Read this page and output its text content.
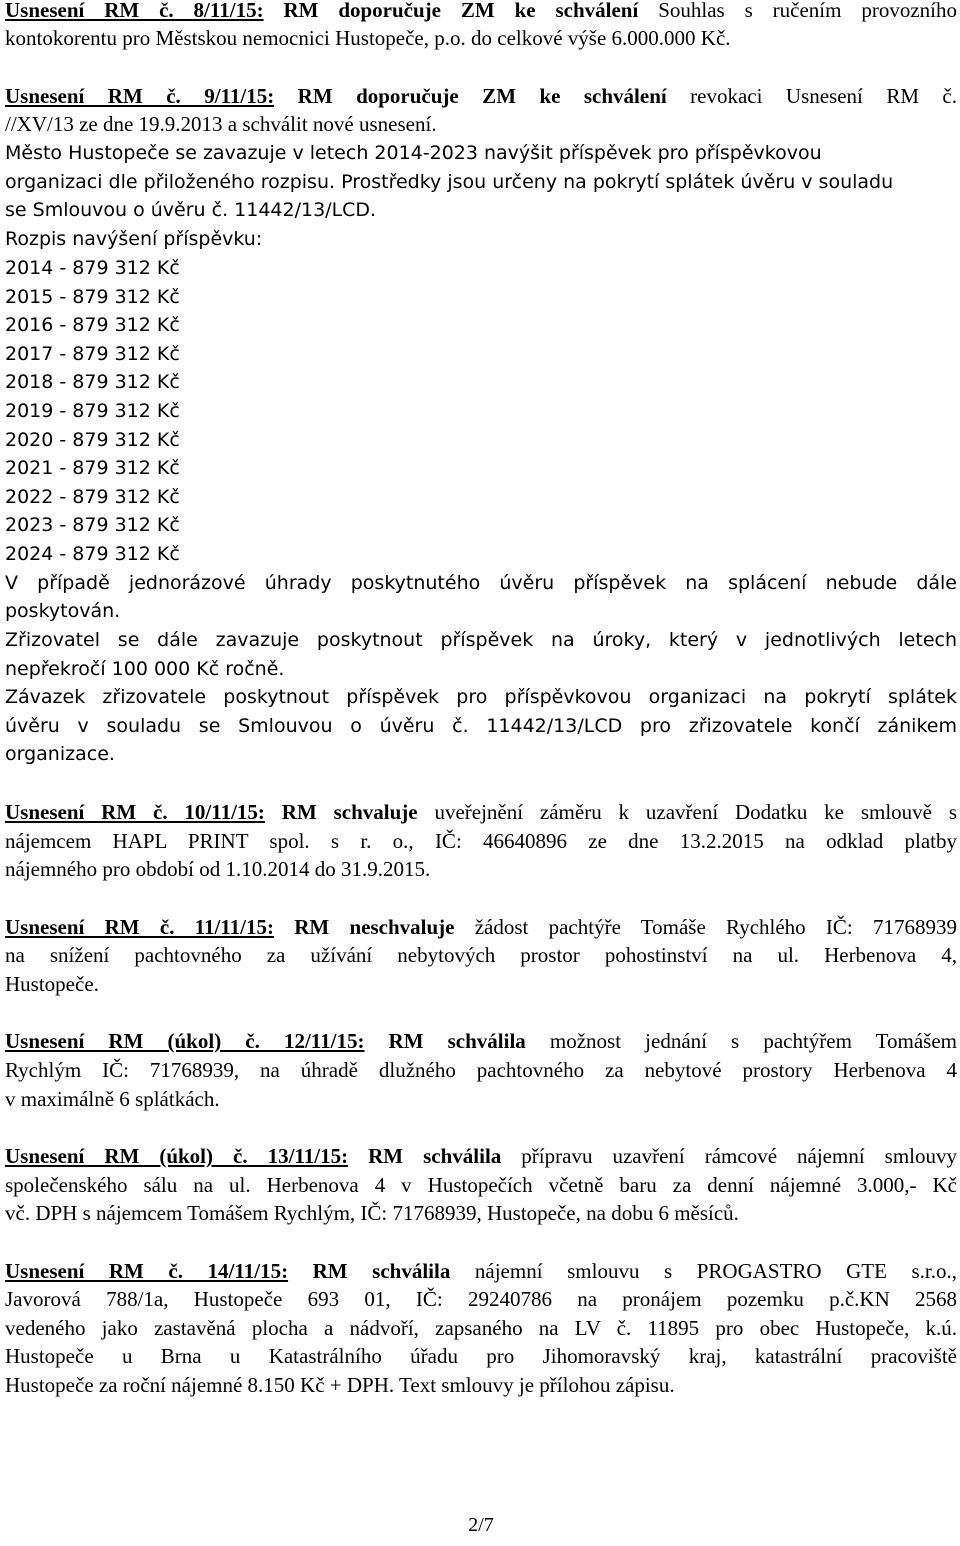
Usnesení RM č. 8/11/15: RM doporučuje ZM ke schválení Souhlas s ručením provozního
kontokorentu pro Městskou nemocnici Hustopeče, p.o. do celkové výše 6.000.000 Kč.
Usnesení RM č. 9/11/15: RM doporučuje ZM ke schválení revokaci Usnesení RM č.
//XV/13 ze dne 19.9.2013 a schválit nové usnesení.
Město Hustopeče se zavazuje v letech 2014-2023 navýšit příspěvek pro příspěvkovou
organizaci dle přiloženého rozpisu. Prostředky jsou určeny na pokrytí splátek úvěru v souladu
se Smlouvou o úvěru č. 11442/13/LCD.
Rozpis navýšení příspěvku:
2014 - 879 312 Kč
2015 - 879 312 Kč
2016 - 879 312 Kč
2017 - 879 312 Kč
2018 - 879 312 Kč
2019 - 879 312 Kč
2020 - 879 312 Kč
2021 - 879 312 Kč
2022 - 879 312 Kč
2023 - 879 312 Kč
2024 - 879 312 Kč
V případě jednorázové úhrady poskytnutého úvěru příspěvek na splácení nebude dále
poskytován.
Zřizovatel se dále zavazuje poskytnout příspěvek na úroky, který v jednotlivých letech
nepřekročí 100 000 Kč ročně.
Závazek zřizovatele poskytnout příspěvek pro příspěvkovou organizaci na pokrytí splátek
úvěru v souladu se Smlouvou o úvěru č. 11442/13/LCD pro zřizovatele končí zánikem
organizace.
Usnesení RM č. 10/11/15: RM schvaluje uveřejnění záměru k uzavření Dodatku ke smlouvě s
nájemcem HAPL PRINT spol. s r. o., IČ: 46640896 ze dne 13.2.2015 na odklad platby
nájemného pro období od 1.10.2014 do 31.9.2015.
Usnesení RM č. 11/11/15: RM neschvaluje žádost pachtýře Tomáše Rychlého IČ: 71768939
na snížení pachtovného za užívání nebytových prostor pohostinství na ul. Herbenova 4,
Hustopeče.
Usnesení RM (úkol) č. 12/11/15: RM schválila možnost jednání s pachtýřem Tomášem
Rychlým IČ: 71768939, na úhradě dlužného pachtovného za nebytové prostory Herbenova 4
v maximálně 6 splátkách.
Usnesení RM (úkol) č. 13/11/15: RM schválila přípravu uzavření rámcové nájemní smlouvy
společenského sálu na ul. Herbenova 4 v Hustopečích včetně baru za denní nájemné 3.000,- Kč
vč. DPH s nájemcem Tomášem Rychlým, IČ: 71768939, Hustopeče, na dobu 6 měsíců.
Usnesení RM č. 14/11/15: RM schválila nájemní smlouvu s PROGASTRO GTE s.r.o.,
Javorová 788/1a, Hustopeče 693 01, IČ: 29240786 na pronájem pozemku p.č.KN 2568
vedeného jako zastavěná plocha a nádvoří, zapsaného na LV č. 11895 pro obec Hustopeče, k.ú.
Hustopeče u Brna u Katastrálního úřadu pro Jihomoravský kraj, katastrální pracoviště
Hustopeče za roční nájemné 8.150 Kč + DPH. Text smlouvy je přílohou zápisu.
2/7
